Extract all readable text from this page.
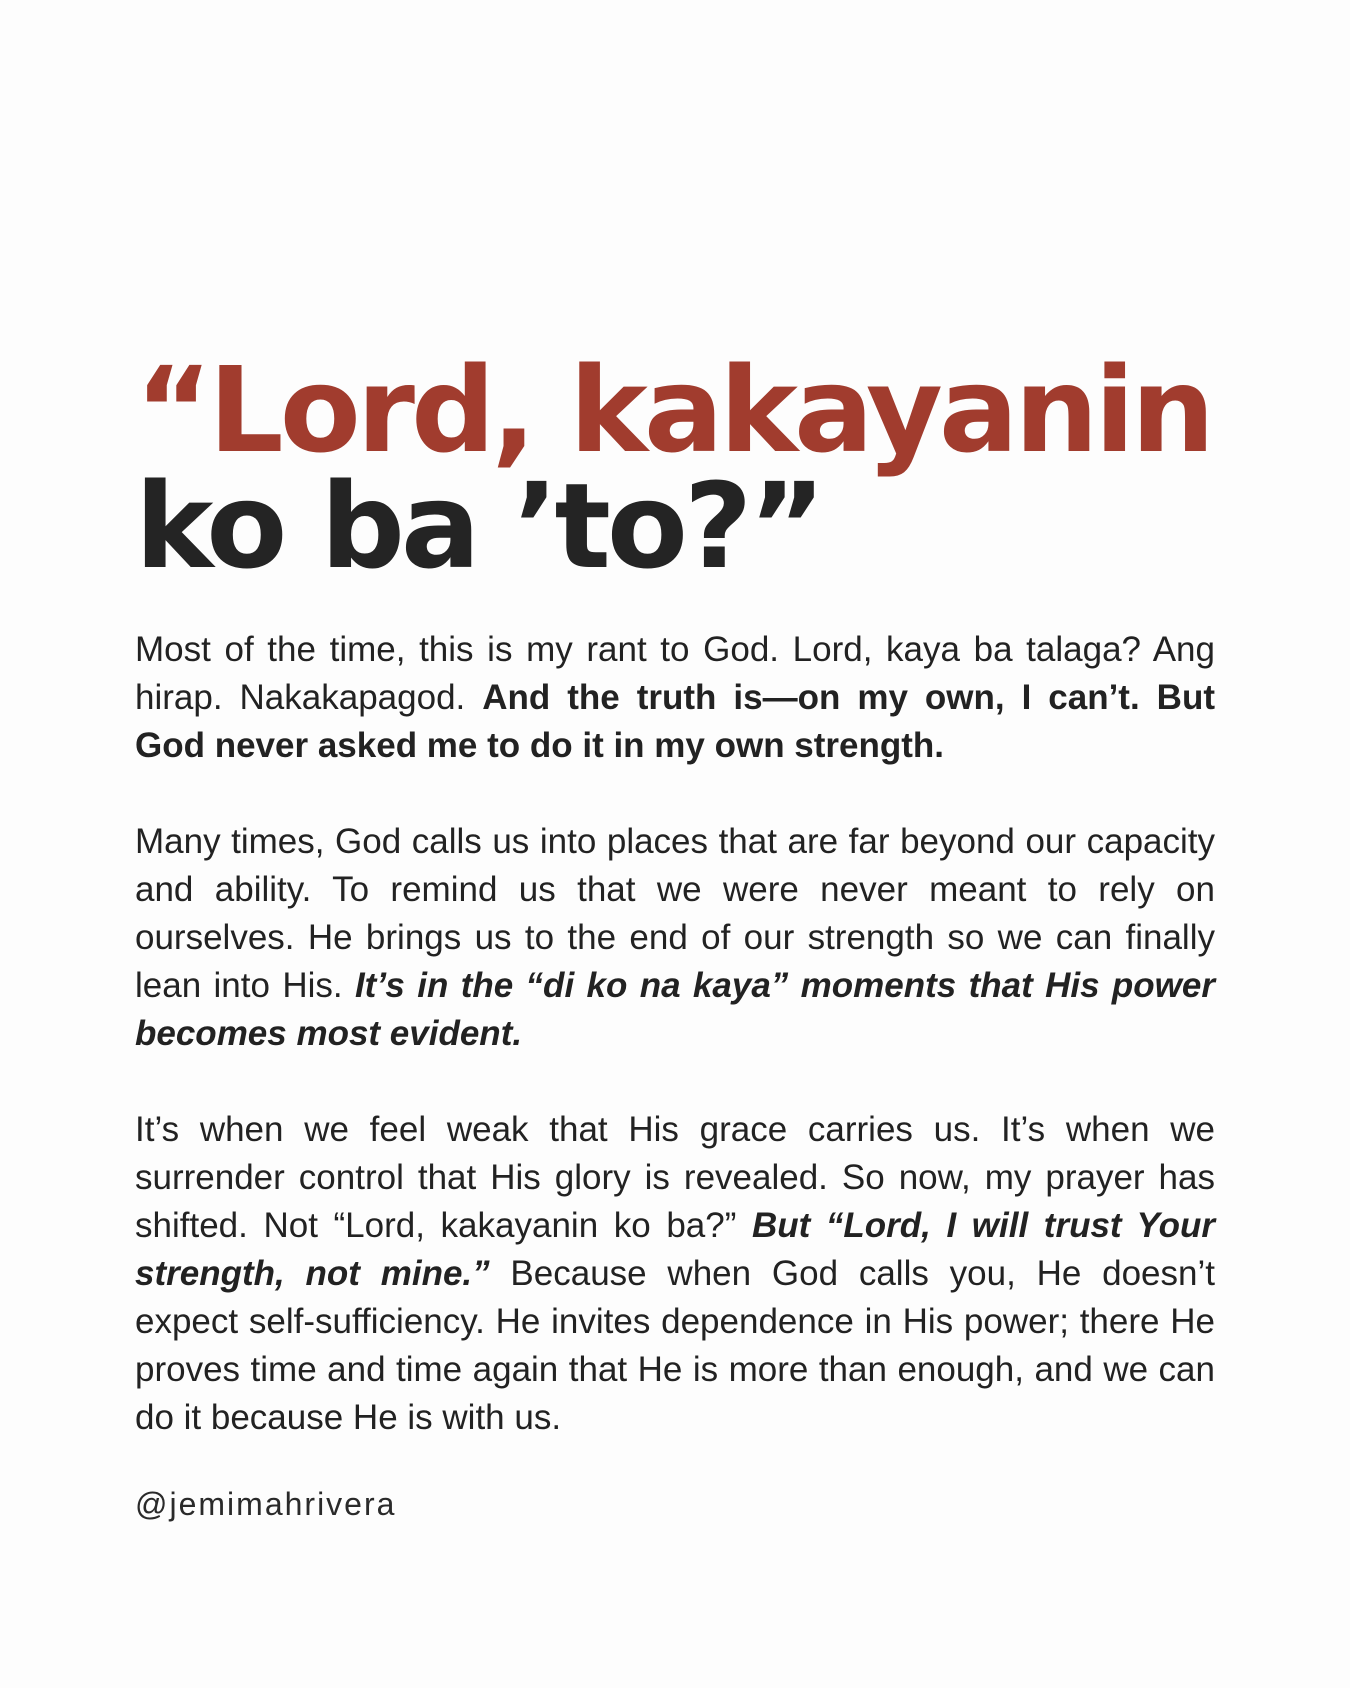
“Lord, kakayanin
ko ba ’to?”

Most of the time, this is my rant to God. Lord, kaya ba talaga? Ang hirap. Nakakapagod. And the truth is—on my own, I can’t. But God never asked me to do it in my own strength.

Many times, God calls us into places that are far beyond our capacity and ability. To remind us that we were never meant to rely on ourselves. He brings us to the end of our strength so we can finally lean into His. It’s in the “di ko na kaya” moments that His power becomes most evident.

It’s when we feel weak that His grace carries us. It’s when we surrender control that His glory is revealed. So now, my prayer has shifted. Not “Lord, kakayanin ko ba?” But “Lord, I will trust Your strength, not mine.” Because when God calls you, He doesn’t expect self-sufficiency. He invites dependence in His power; there He proves time and time again that He is more than enough, and we can do it because He is with us.

@jemimahrivera
